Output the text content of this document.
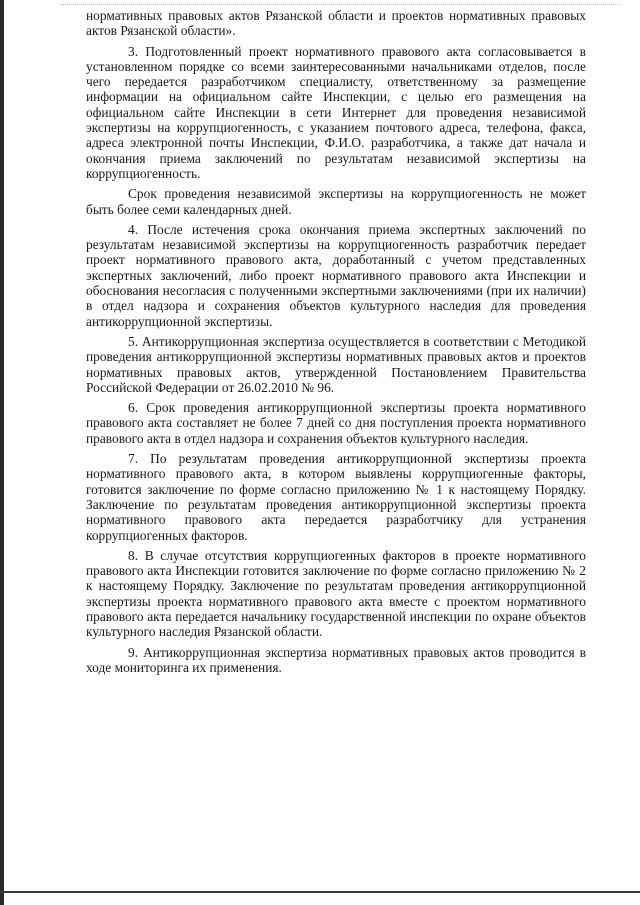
нормативных правовых актов Рязанской области и проектов нормативных правовых актов Рязанской области».

3. Подготовленный проект нормативного правового акта согласовывается в установленном порядке со всеми заинтересованными начальниками отделов, после чего передается разработчиком специалисту, ответственному за размещение информации на официальном сайте Инспекции, с целью его размещения на официальном сайте Инспекции в сети Интернет для проведения независимой экспертизы на коррупциогенность, с указанием почтового адреса, телефона, факса, адреса электронной почты Инспекции, Ф.И.О. разработчика, а также дат начала и окончания приема заключений по результатам независимой экспертизы на коррупциогенность.

Срок проведения независимой экспертизы на коррупциогенность не может быть более семи календарных дней.

4. После истечения срока окончания приема экспертных заключений по результатам независимой экспертизы на коррупциогенность разработчик передает проект нормативного правового акта, доработанный с учетом представленных экспертных заключений, либо проект нормативного правового акта Инспекции и обоснования несогласия с полученными экспертными заключениями (при их наличии) в отдел надзора и сохранения объектов культурного наследия для проведения антикоррупционной экспертизы.

5. Антикоррупционная экспертиза осуществляется в соответствии с Методикой проведения антикоррупционной экспертизы нормативных правовых актов и проектов нормативных правовых актов, утвержденной Постановлением Правительства Российской Федерации от 26.02.2010 № 96.

6. Срок проведения антикоррупционной экспертизы проекта нормативного правового акта составляет не более 7 дней со дня поступления проекта нормативного правового акта в отдел надзора и сохранения объектов культурного наследия.

7. По результатам проведения антикоррупционной экспертизы проекта нормативного правового акта, в котором выявлены коррупциогенные факторы, готовится заключение по форме согласно приложению № 1 к настоящему Порядку. Заключение по результатам проведения антикоррупционной экспертизы проекта нормативного правового акта передается разработчику для устранения коррупциогенных факторов.

8. В случае отсутствия коррупциогенных факторов в проекте нормативного правового акта Инспекции готовится заключение по форме согласно приложению № 2 к настоящему Порядку. Заключение по результатам проведения антикоррупционной экспертизы проекта нормативного правового акта вместе с проектом нормативного правового акта передается начальнику государственной инспекции по охране объектов культурного наследия Рязанской области.

9. Антикоррупционная экспертиза нормативных правовых актов проводится в ходе мониторинга их применения.
